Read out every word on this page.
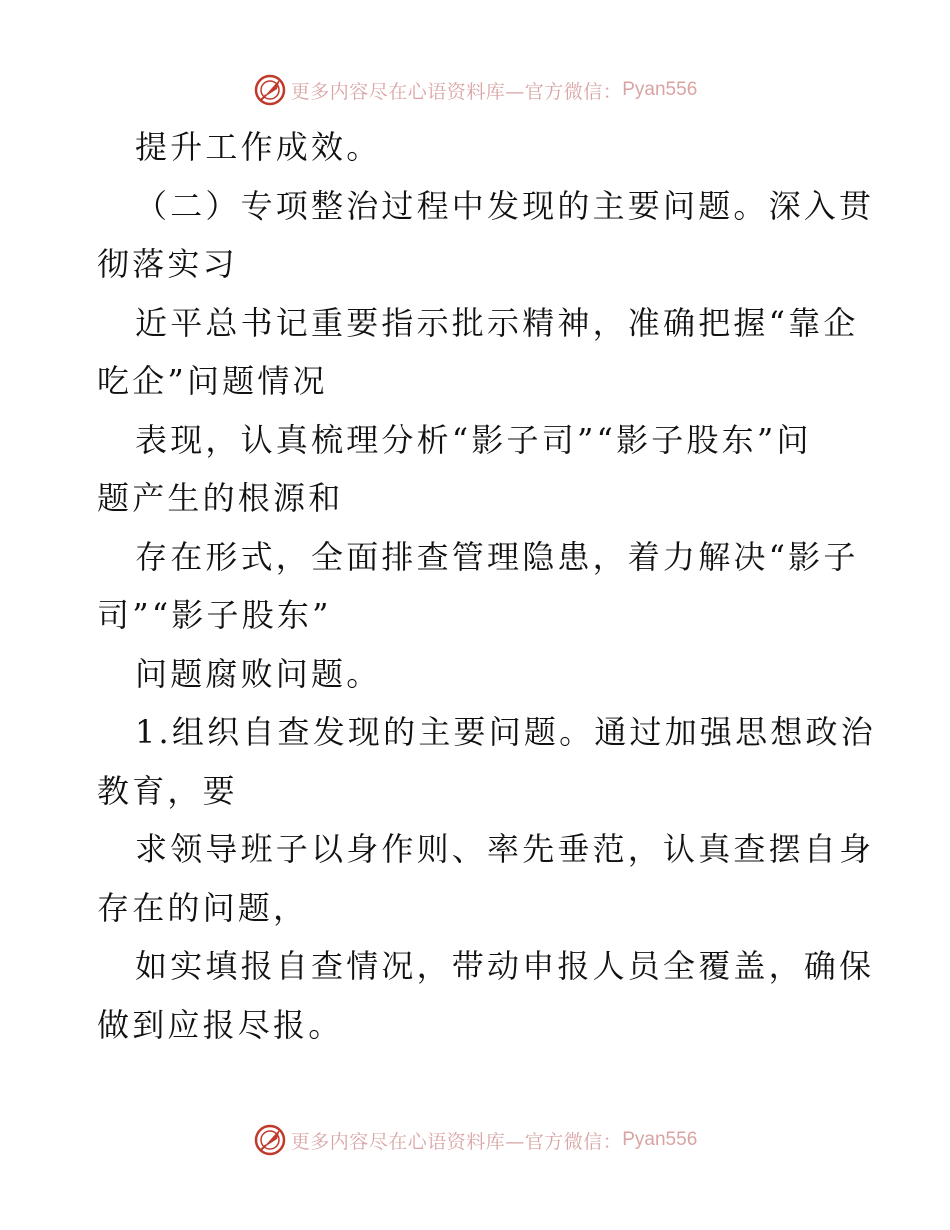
更多内容尽在心语资料库—官方微信： Pyan556
提升工作成效。
（二）专项整治过程中发现的主要问题。深入贯
彻落实习
近平总书记重要指示批示精神，准确把握“靠企
吃企”问题情况
表现，认真梳理分析“影子司”“影子股东”问
题产生的根源和
存在形式，全面排查管理隐患，着力解决“影子
司”“影子股东”
问题腐败问题。
1.组织自查发现的主要问题。通过加强思想政治
教育，要
求领导班子以身作则、率先垂范，认真查摆自身
存在的问题，
如实填报自查情况，带动申报人员全覆盖，确保
做到应报尽报。
更多内容尽在心语资料库—官方微信： Pyan556
